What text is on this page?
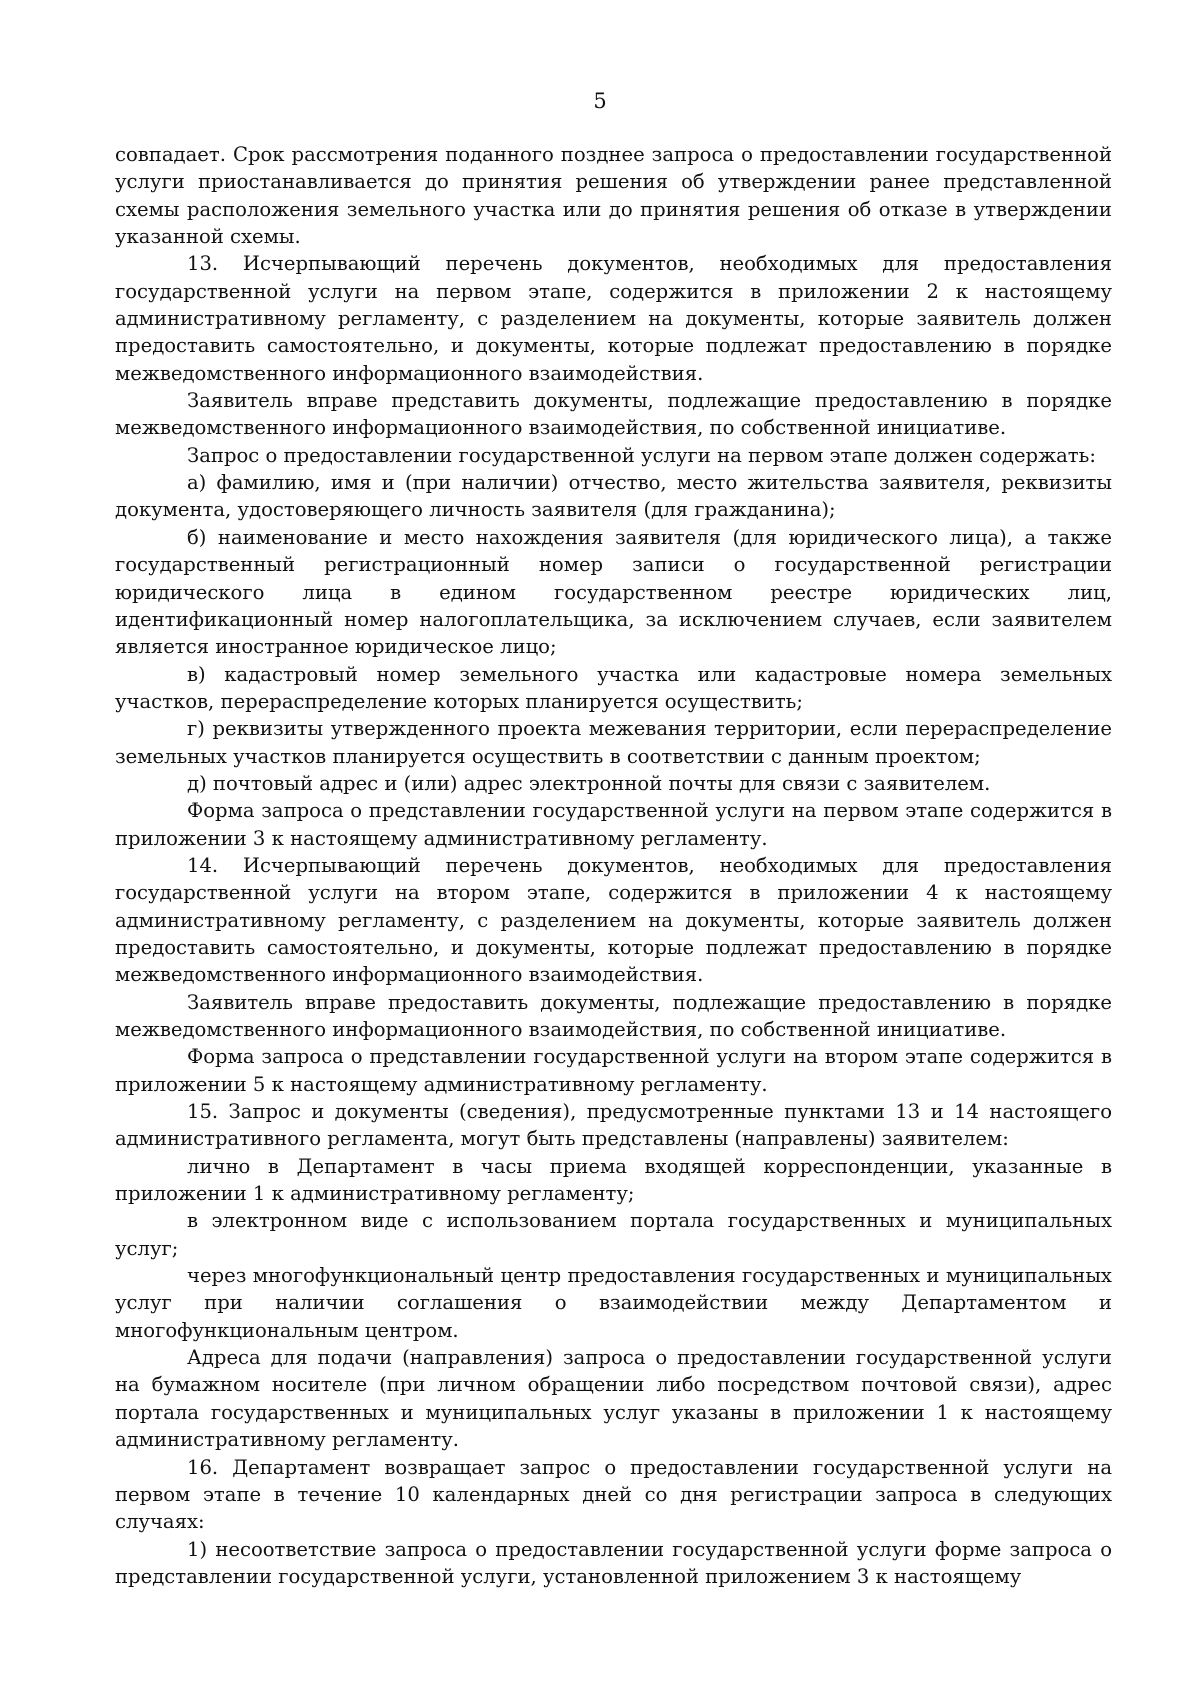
5

совпадает. Срок рассмотрения поданного позднее запроса о предоставлении государственной услуги приостанавливается до принятия решения об утверждении ранее представленной схемы расположения земельного участка или до принятия решения об отказе в утверждении указанной схемы.

13. Исчерпывающий перечень документов, необходимых для предоставления государственной услуги на первом этапе, содержится в приложении 2 к настоящему административному регламенту, с разделением на документы, которые заявитель должен предоставить самостоятельно, и документы, которые подлежат предоставлению в порядке межведомственного информационного взаимодействия.

Заявитель вправе представить документы, подлежащие предоставлению в порядке межведомственного информационного взаимодействия, по собственной инициативе.

Запрос о предоставлении государственной услуги на первом этапе должен содержать:

а) фамилию, имя и (при наличии) отчество, место жительства заявителя, реквизиты документа, удостоверяющего личность заявителя (для гражданина);

б) наименование и место нахождения заявителя (для юридического лица), а также государственный регистрационный номер записи о государственной регистрации юридического лица в едином государственном реестре юридических лиц, идентификационный номер налогоплательщика, за исключением случаев, если заявителем является иностранное юридическое лицо;

в) кадастровый номер земельного участка или кадастровые номера земельных участков, перераспределение которых планируется осуществить;

г) реквизиты утвержденного проекта межевания территории, если перераспределение земельных участков планируется осуществить в соответствии с данным проектом;

д) почтовый адрес и (или) адрес электронной почты для связи с заявителем.

Форма запроса о представлении государственной услуги на первом этапе содержится в приложении 3 к настоящему административному регламенту.

14. Исчерпывающий перечень документов, необходимых для предоставления государственной услуги на втором этапе, содержится в приложении 4 к настоящему административному регламенту, с разделением на документы, которые заявитель должен предоставить самостоятельно, и документы, которые подлежат предоставлению в порядке межведомственного информационного взаимодействия.

Заявитель вправе предоставить документы, подлежащие предоставлению в порядке межведомственного информационного взаимодействия, по собственной инициативе.

Форма запроса о представлении государственной услуги на втором этапе содержится в приложении 5 к настоящему административному регламенту.

15. Запрос и документы (сведения), предусмотренные пунктами 13 и 14 настоящего административного регламента, могут быть представлены (направлены) заявителем:

лично в Департамент в часы приема входящей корреспонденции, указанные в приложении 1 к административному регламенту;

в электронном виде с использованием портала государственных и муниципальных услуг;

через многофункциональный центр предоставления государственных и муниципальных услуг при наличии соглашения о взаимодействии между Департаментом и многофункциональным центром.

Адреса для подачи (направления) запроса о предоставлении государственной услуги на бумажном носителе (при личном обращении либо посредством почтовой связи), адрес портала государственных и муниципальных услуг указаны в приложении 1 к настоящему административному регламенту.

16. Департамент возвращает запрос о предоставлении государственной услуги на первом этапе в течение 10 календарных дней со дня регистрации запроса в следующих случаях:

1) несоответствие запроса о предоставлении государственной услуги форме запроса о представлении государственной услуги, установленной приложением 3 к настоящему
